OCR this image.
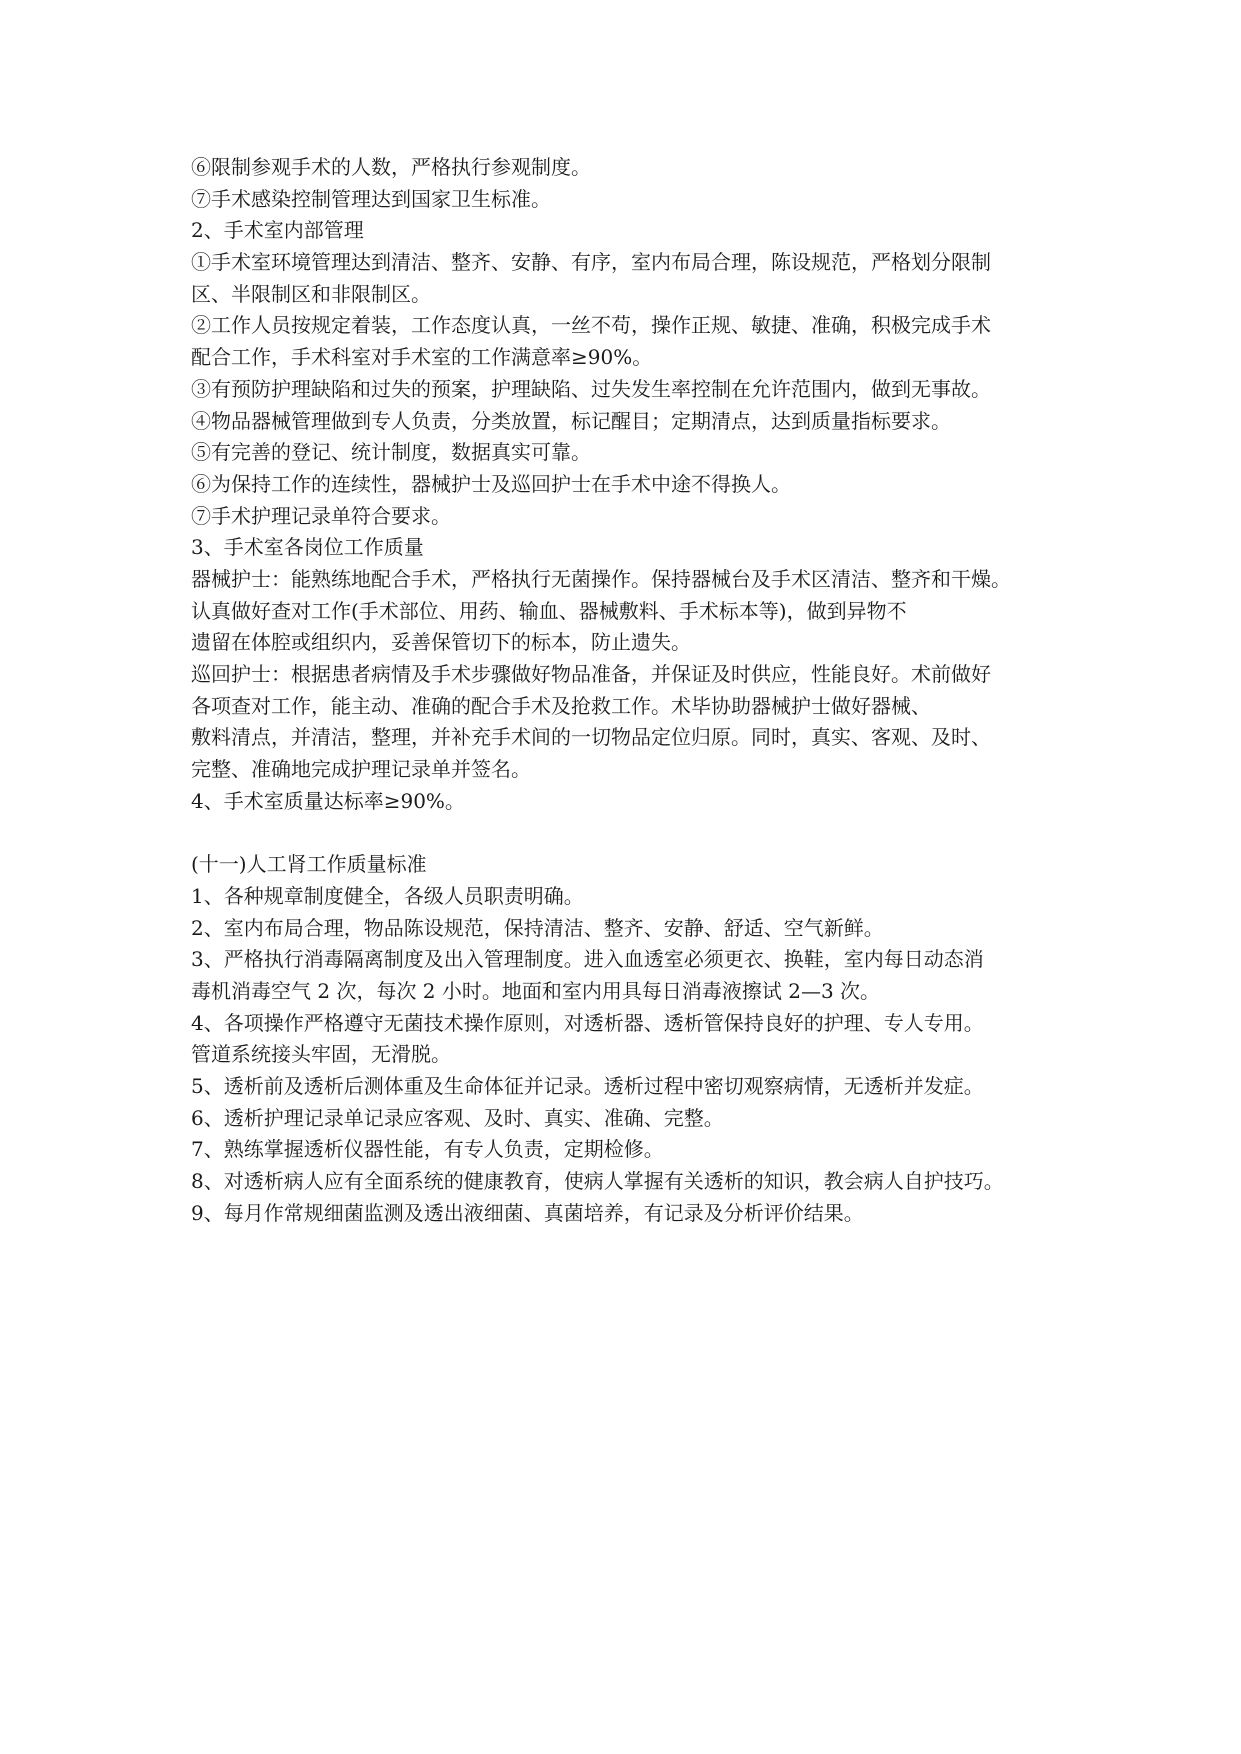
⑥限制参观手术的人数，严格执行参观制度。
⑦手术感染控制管理达到国家卫生标准。
2、手术室内部管理
①手术室环境管理达到清洁、整齐、安静、有序，室内布局合理，陈设规范，严格划分限制
区、半限制区和非限制区。
②工作人员按规定着装，工作态度认真，一丝不苟，操作正规、敏捷、准确，积极完成手术
配合工作，手术科室对手术室的工作满意率≥90%。
③有预防护理缺陷和过失的预案，护理缺陷、过失发生率控制在允许范围内，做到无事故。
④物品器械管理做到专人负责，分类放置，标记醒目；定期清点，达到质量指标要求。
⑤有完善的登记、统计制度，数据真实可靠。
⑥为保持工作的连续性，器械护士及巡回护士在手术中途不得换人。
⑦手术护理记录单符合要求。
3、手术室各岗位工作质量
器械护士：能熟练地配合手术，严格执行无菌操作。保持器械台及手术区清洁、整齐和干燥。
认真做好查对工作(手术部位、用药、输血、器械敷料、手术标本等)，做到异物不
遗留在体腔或组织内，妥善保管切下的标本，防止遗失。
巡回护士：根据患者病情及手术步骤做好物品准备，并保证及时供应，性能良好。术前做好
各项查对工作，能主动、准确的配合手术及抢救工作。术毕协助器械护士做好器械、
敷料清点，并清洁，整理，并补充手术间的一切物品定位归原。同时，真实、客观、及时、
完整、准确地完成护理记录单并签名。
4、手术室质量达标率≥90%。
(十一)人工肾工作质量标准
1、各种规章制度健全，各级人员职责明确。
2、室内布局合理，物品陈设规范，保持清洁、整齐、安静、舒适、空气新鲜。
3、严格执行消毒隔离制度及出入管理制度。进入血透室必须更衣、换鞋，室内每日动态消
毒机消毒空气 2 次，每次 2 小时。地面和室内用具每日消毒液擦试 2—3 次。
4、各项操作严格遵守无菌技术操作原则，对透析器、透析管保持良好的护理、专人专用。
管道系统接头牢固，无滑脱。
5、透析前及透析后测体重及生命体征并记录。透析过程中密切观察病情，无透析并发症。
6、透析护理记录单记录应客观、及时、真实、准确、完整。
7、熟练掌握透析仪器性能，有专人负责，定期检修。
8、对透析病人应有全面系统的健康教育，使病人掌握有关透析的知识，教会病人自护技巧。
9、每月作常规细菌监测及透出液细菌、真菌培养，有记录及分析评价结果。
